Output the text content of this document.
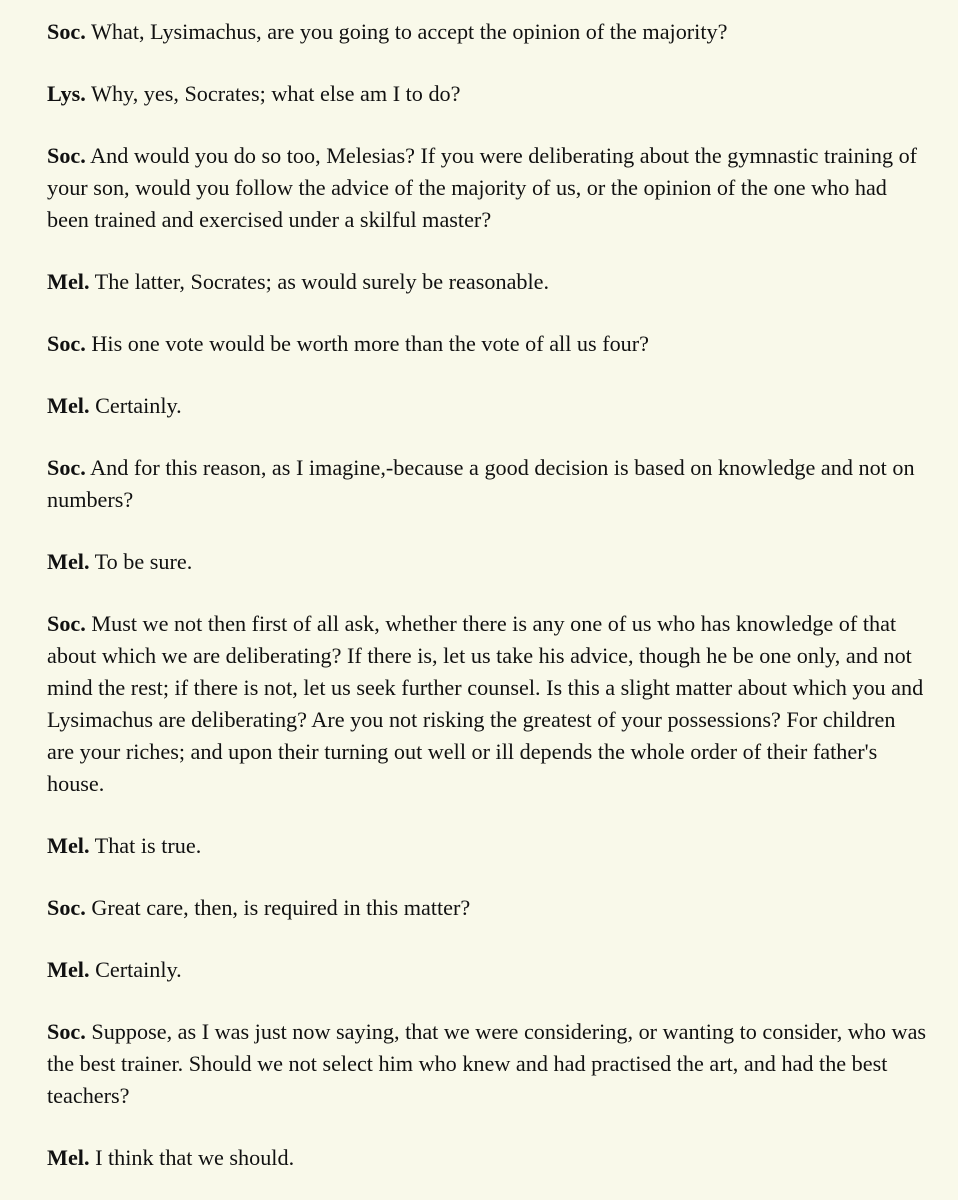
Soc. What, Lysimachus, are you going to accept the opinion of the majority?

Lys. Why, yes, Socrates; what else am I to do?

Soc. And would you do so too, Melesias? If you were deliberating about the gymnastic training of your son, would you follow the advice of the majority of us, or the opinion of the one who had been trained and exercised under a skilful master?

Mel. The latter, Socrates; as would surely be reasonable.

Soc. His one vote would be worth more than the vote of all us four?

Mel. Certainly.

Soc. And for this reason, as I imagine,-because a good decision is based on knowledge and not on numbers?

Mel. To be sure.

Soc. Must we not then first of all ask, whether there is any one of us who has knowledge of that about which we are deliberating? If there is, let us take his advice, though he be one only, and not mind the rest; if there is not, let us seek further counsel. Is this a slight matter about which you and Lysimachus are deliberating? Are you not risking the greatest of your possessions? For children are your riches; and upon their turning out well or ill depends the whole order of their father's house.

Mel. That is true.

Soc. Great care, then, is required in this matter?

Mel. Certainly.

Soc. Suppose, as I was just now saying, that we were considering, or wanting to consider, who was the best trainer. Should we not select him who knew and had practised the art, and had the best teachers?

Mel. I think that we should.
